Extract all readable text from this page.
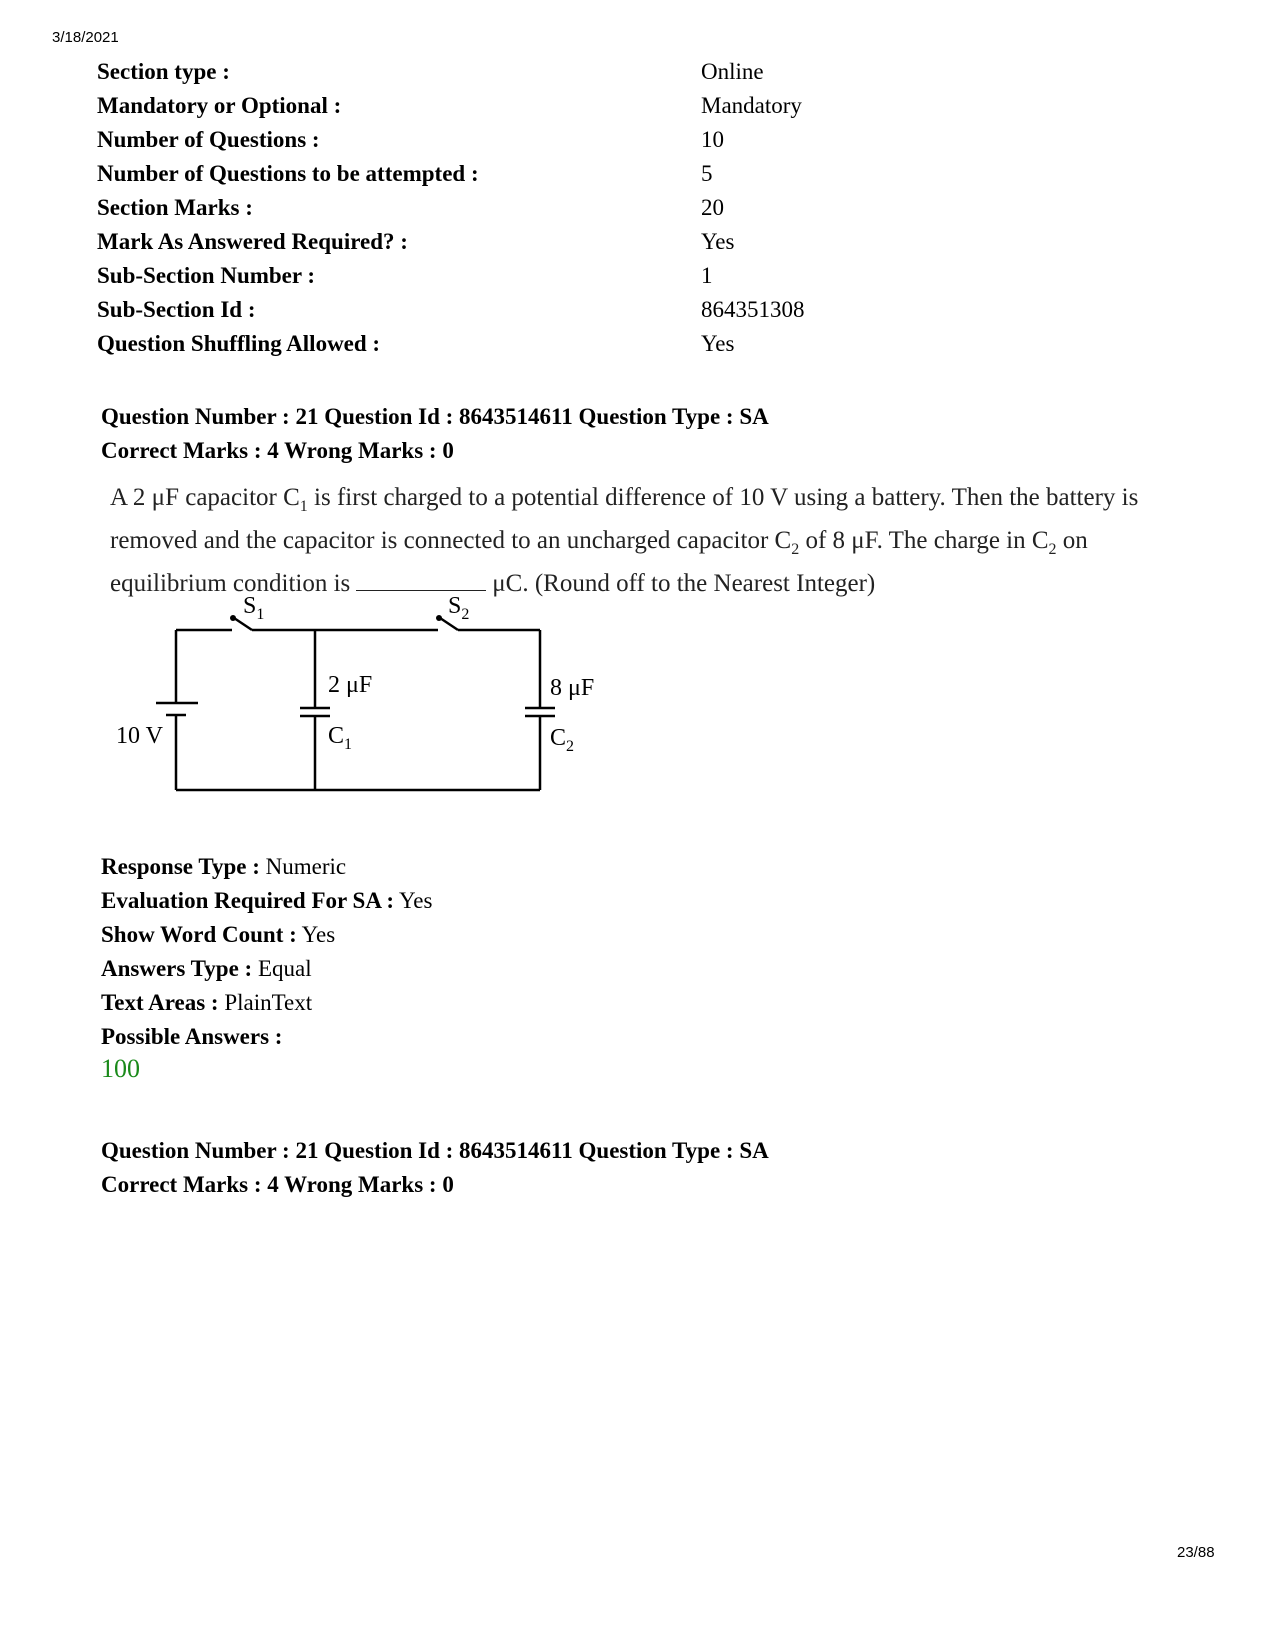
3/18/2021
Section type :	Online
Mandatory or Optional :	Mandatory
Number of Questions :	10
Number of Questions to be attempted :	5
Section Marks :	20
Mark As Answered Required? :	Yes
Sub-Section Number :	1
Sub-Section Id :	864351308
Question Shuffling Allowed :	Yes
Question Number : 21 Question Id : 8643514611 Question Type : SA
Correct Marks : 4 Wrong Marks : 0
A 2 μF capacitor $C_1$ is first charged to a potential difference of 10 V using a battery. Then the battery is removed and the capacitor is connected to an uncharged capacitor $C_2$ of 8 μF. The charge in $C_2$ on equilibrium condition is	μC. (Round off to the Nearest Integer)
$S_1$	$S_2$
10 V
2 μF
$C_1$
8 μF
$C_2$
Response Type : Numeric
Evaluation Required For SA : Yes
Show Word Count : Yes
Answers Type : Equal
Text Areas : PlainText
Possible Answers :
100
Question Number : 21 Question Id : 8643514611 Question Type : SA
Correct Marks : 4 Wrong Marks : 0
23/88
